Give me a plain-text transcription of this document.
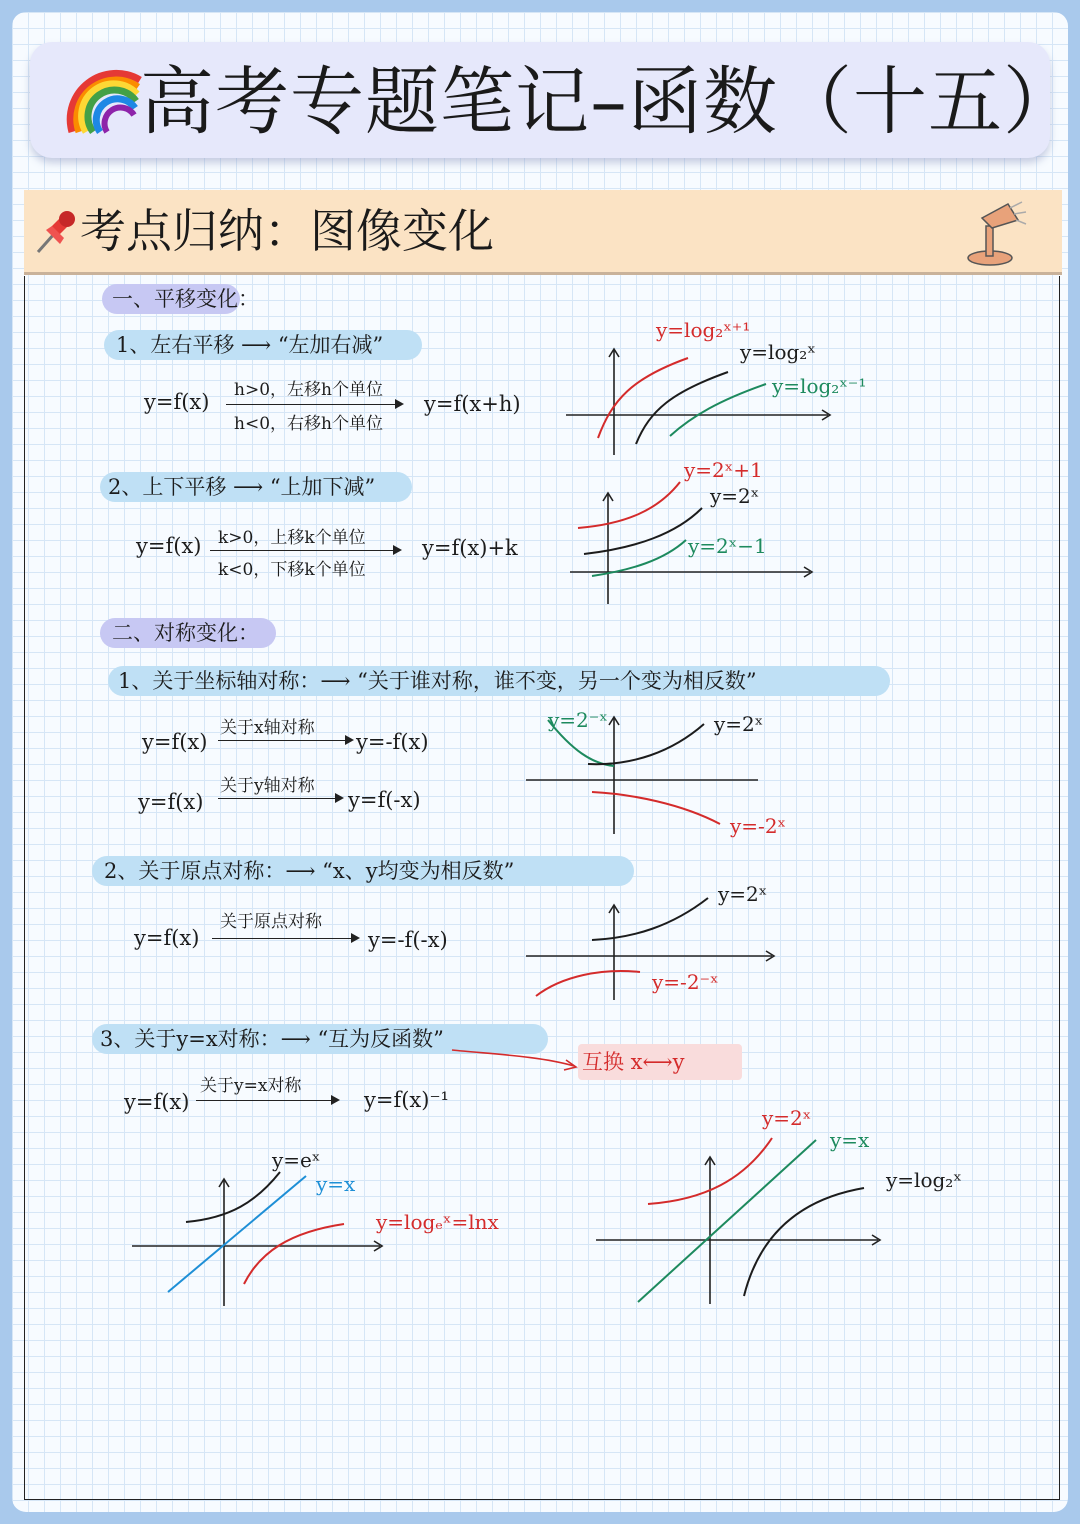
高考专题笔记–函数（十五）
考点归纳：图像变化
一、平移变化：
1、左右平移 ⟶ “左加右减”
y=f(x) h>0，左移h个单位
h<0，右移h个单位
y=f(x+h)
y=log₂ˣ⁺¹
y=log₂ˣ
y=log₂ˣ⁻¹
2、上下平移 ⟶ “上加下减”
y=f(x) k>0，上移k个单位
k<0，下移k个单位
y=f(x)+k
y=2ˣ+1
y=2ˣ
y=2ˣ−1
二、对称变化：
1、关于坐标轴对称：⟶ “关于谁对称，谁不变，另一个变为相反数”
y=f(x)
关于x轴对称
y=-f(x)
y=f(x)
关于y轴对称
y=f(-x)
y=2⁻ˣ	y=2ˣ
y=-2ˣ
2、关于原点对称：⟶ “x、y均变为相反数”
y=f(x)
关于原点对称
y=-f(-x)
y=2ˣ
y=-2⁻ˣ
3、关于y=x对称：⟶ “互为反函数”
互换 x⟷y
y=f(x)
关于y=x对称
y=f(x)⁻¹
y=eˣ
y=x
y=logₑˣ=lnx
y=2ˣ
y=x
y=log₂ˣ
